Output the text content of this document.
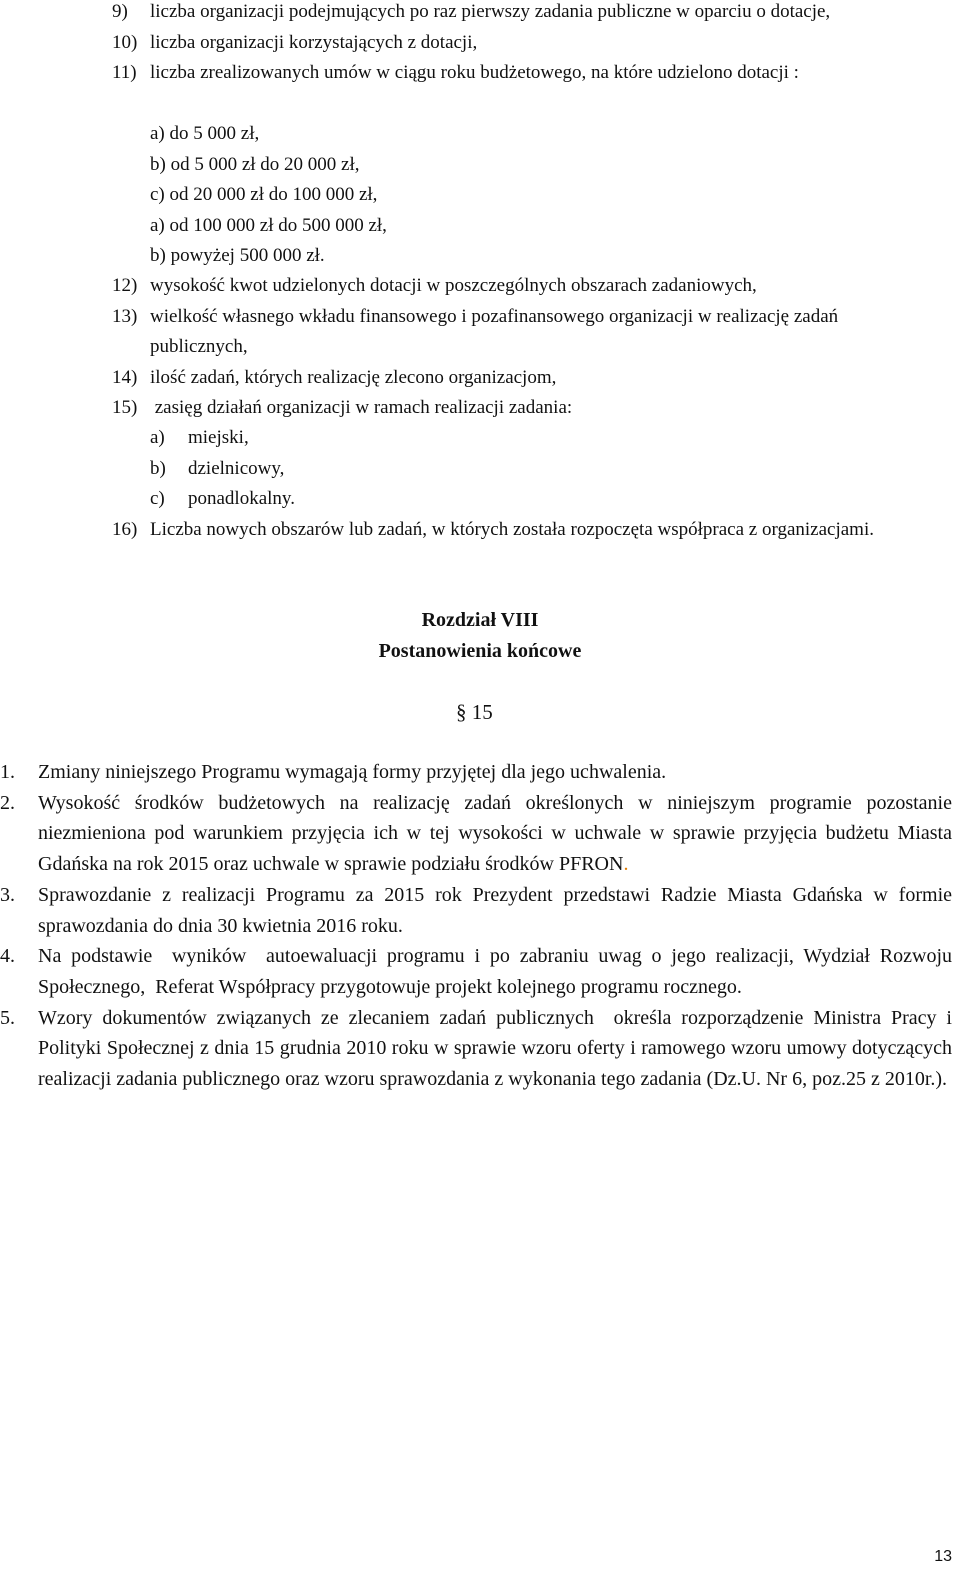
9) liczba organizacji podejmujących po raz pierwszy zadania publiczne w oparciu o dotacje,
10) liczba organizacji korzystających z dotacji,
11) liczba zrealizowanych umów w ciągu roku budżetowego, na które udzielono dotacji :
a) do 5 000 zł,
b) od 5 000 zł do 20 000 zł,
c) od 20 000 zł do 100 000 zł,
a) od 100 000 zł do 500 000 zł,
b) powyżej 500 000 zł.
12) wysokość kwot udzielonych dotacji w poszczególnych obszarach zadaniowych,
13) wielkość własnego wkładu finansowego i pozafinansowego organizacji w realizację zadań publicznych,
14) ilość zadań, których realizację zlecono organizacjom,
15) zasięg działań organizacji w ramach realizacji zadania:
a) miejski,
b) dzielnicowy,
c) ponadlokalny.
16) Liczba nowych obszarów lub zadań, w których została rozpoczęta współpraca z organizacjami.
Rozdział VIII
Postanowienia końcowe
§ 15
1.	Zmiany niniejszego Programu wymagają formy przyjętej dla jego uchwalenia.
2.	Wysokość środków budżetowych na realizację zadań określonych w niniejszym programie pozostanie niezmieniona pod warunkiem przyjęcia ich w tej wysokości w uchwale w sprawie przyjęcia budżetu Miasta Gdańska na rok 2015 oraz uchwale w sprawie podziału środków PFRON.
3.	Sprawozdanie z realizacji Programu za 2015 rok Prezydent przedstawi Radzie Miasta Gdańska w formie sprawozdania do dnia 30 kwietnia 2016 roku.
4.	Na podstawie  wyników  autoewaluacji programu i po zabraniu uwag o jego realizacji, Wydział Rozwoju Społecznego,  Referat Współpracy przygotowuje projekt kolejnego programu rocznego.
5.	Wzory dokumentów związanych ze zlecaniem zadań publicznych  określa rozporządzenie Ministra Pracy i Polityki Społecznej z dnia 15 grudnia 2010 roku w sprawie wzoru oferty i ramowego wzoru umowy dotyczących realizacji zadania publicznego oraz wzoru sprawozdania z wykonania tego zadania (Dz.U. Nr 6, poz.25 z 2010r.).
13
